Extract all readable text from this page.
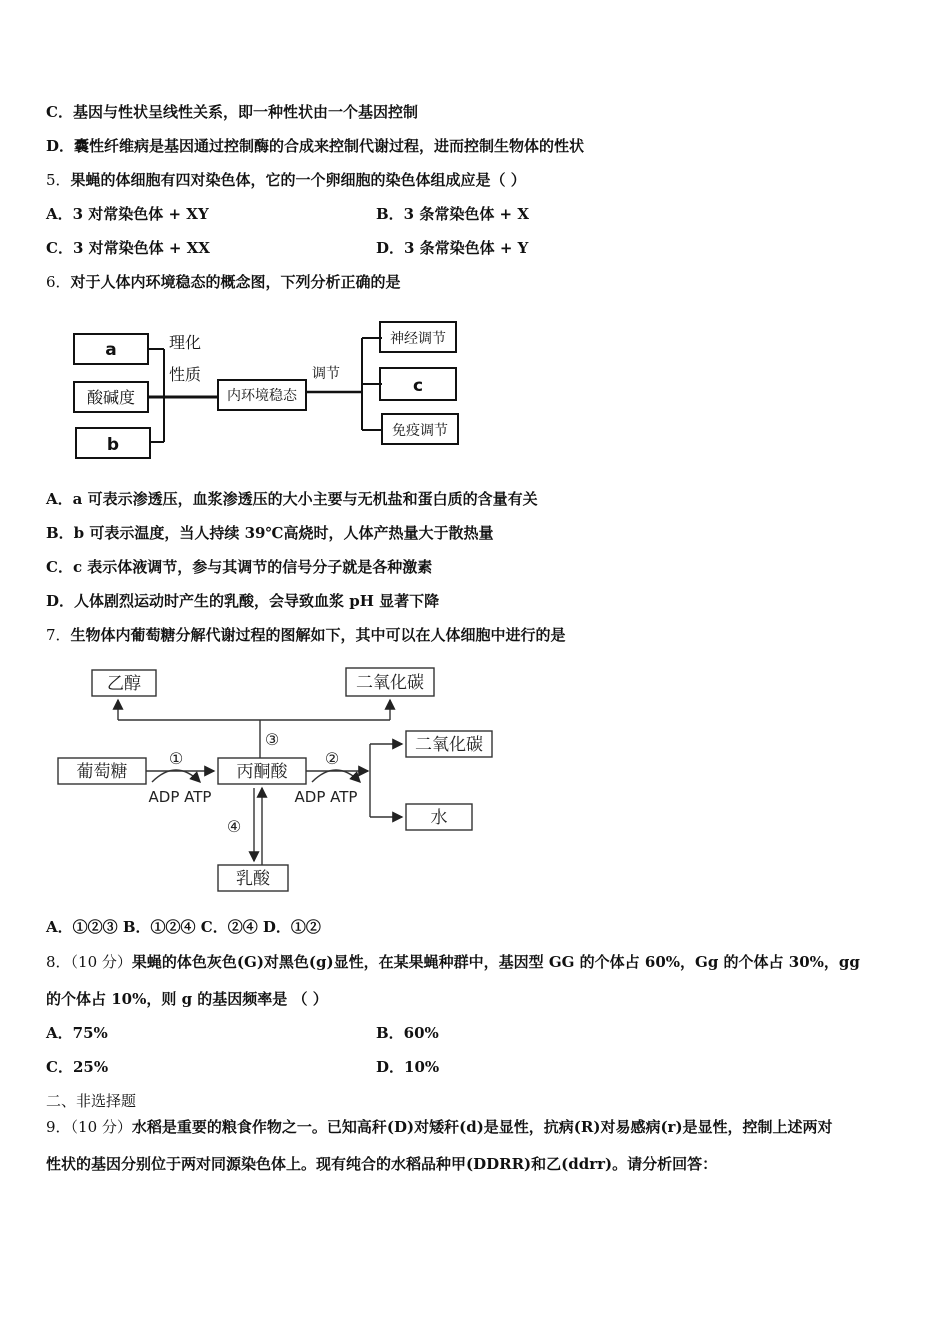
C．基因与性状呈线性关系，即一种性状由一个基因控制
D．囊性纤维病是基因通过控制酶的合成来控制代谢过程，进而控制生物体的性状
5．果蝇的体细胞有四对染色体，它的一个卵细胞的染色体组成应是（ ）
A．3 对常染色体 + XY	B．3 条常染色体 + X
C．3 对常染色体 + XX	D．3 条常染色体 + Y
6．对于人体内环境稳态的概念图，下列分析正确的是
a
酸碱度
b
理化
性质
内环境稳态
调节
神经调节
c
免疫调节
A．a 可表示渗透压，血浆渗透压的大小主要与无机盐和蛋白质的含量有关
B．b 可表示温度，当人持续 39℃高烧时，人体产热量大于散热量
C．c 表示体液调节，参与其调节的信号分子就是各种激素
D．人体剧烈运动时产生的乳酸，会导致血浆 pH 显著下降
7．生物体内葡萄糖分解代谢过程的图解如下，其中可以在人体细胞中进行的是
乙醇	二氧化碳
葡萄糖	丙酮酸
二氧化碳
水
乳酸
①	②
③
④
ADP ATP	ADP ATP
A．①②③ B．①②④ C．②④ D．①②
8．（10 分）果蝇的体色灰色(G)对黑色(g)显性，在某果蝇种群中，基因型 GG 的个体占 60%，Gg 的个体占 30%，gg
的个体占 10%，则 g 的基因频率是 （ ）
A．75%	B．60%
C．25%	D．10%
二、非选择题
9．（10 分）水稻是重要的粮食作物之一。已知高秆(D)对矮秆(d)是显性，抗病(R)对易感病(r)是显性，控制上述两对
性状的基因分别位于两对同源染色体上。现有纯合的水稻品种甲(DDRR)和乙(ddrr)。请分析回答：
